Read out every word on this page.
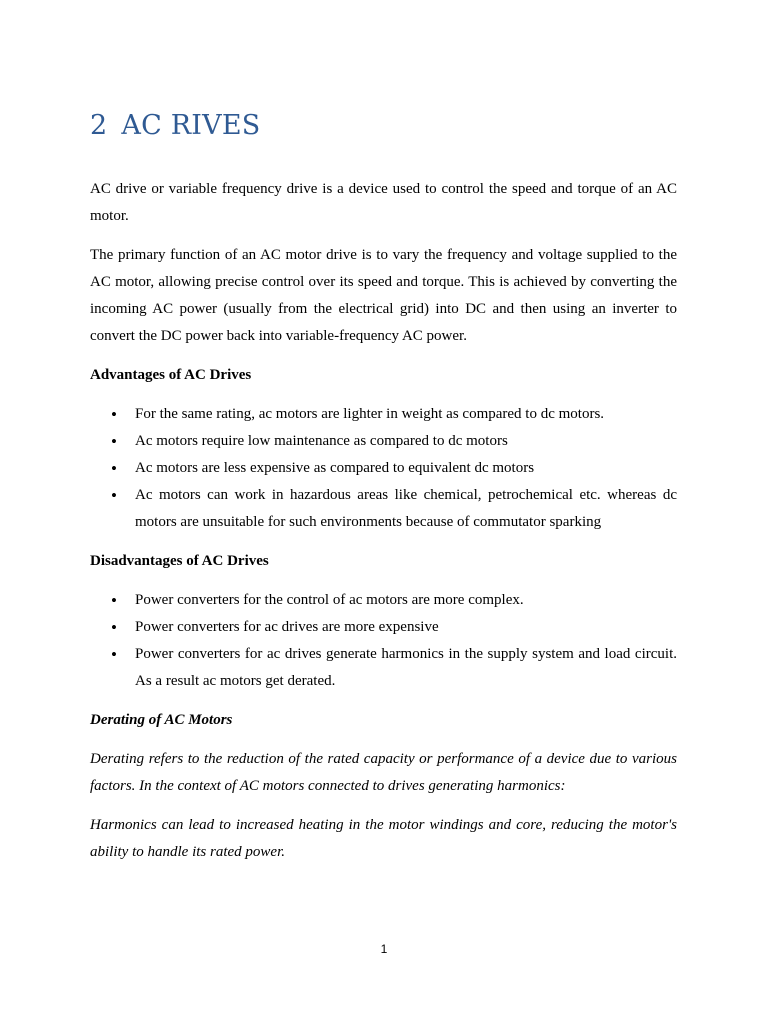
2 AC RIVES

AC drive or variable frequency drive is a device used to control the speed and torque of an AC motor.

The primary function of an AC motor drive is to vary the frequency and voltage supplied to the AC motor, allowing precise control over its speed and torque. This is achieved by converting the incoming AC power (usually from the electrical grid) into DC and then using an inverter to convert the DC power back into variable-frequency AC power.

Advantages of AC Drives

• For the same rating, ac motors are lighter in weight as compared to dc motors.
• Ac motors require low maintenance as compared to dc motors
• Ac motors are less expensive as compared to equivalent dc motors
• Ac motors can work in hazardous areas like chemical, petrochemical etc. whereas dc motors are unsuitable for such environments because of commutator sparking

Disadvantages of AC Drives

• Power converters for the control of ac motors are more complex.
• Power converters for ac drives are more expensive
• Power converters for ac drives generate harmonics in the supply system and load circuit. As a result ac motors get derated.

Derating of AC Motors

Derating refers to the reduction of the rated capacity or performance of a device due to various factors. In the context of AC motors connected to drives generating harmonics:

Harmonics can lead to increased heating in the motor windings and core, reducing the motor's ability to handle its rated power.

1
